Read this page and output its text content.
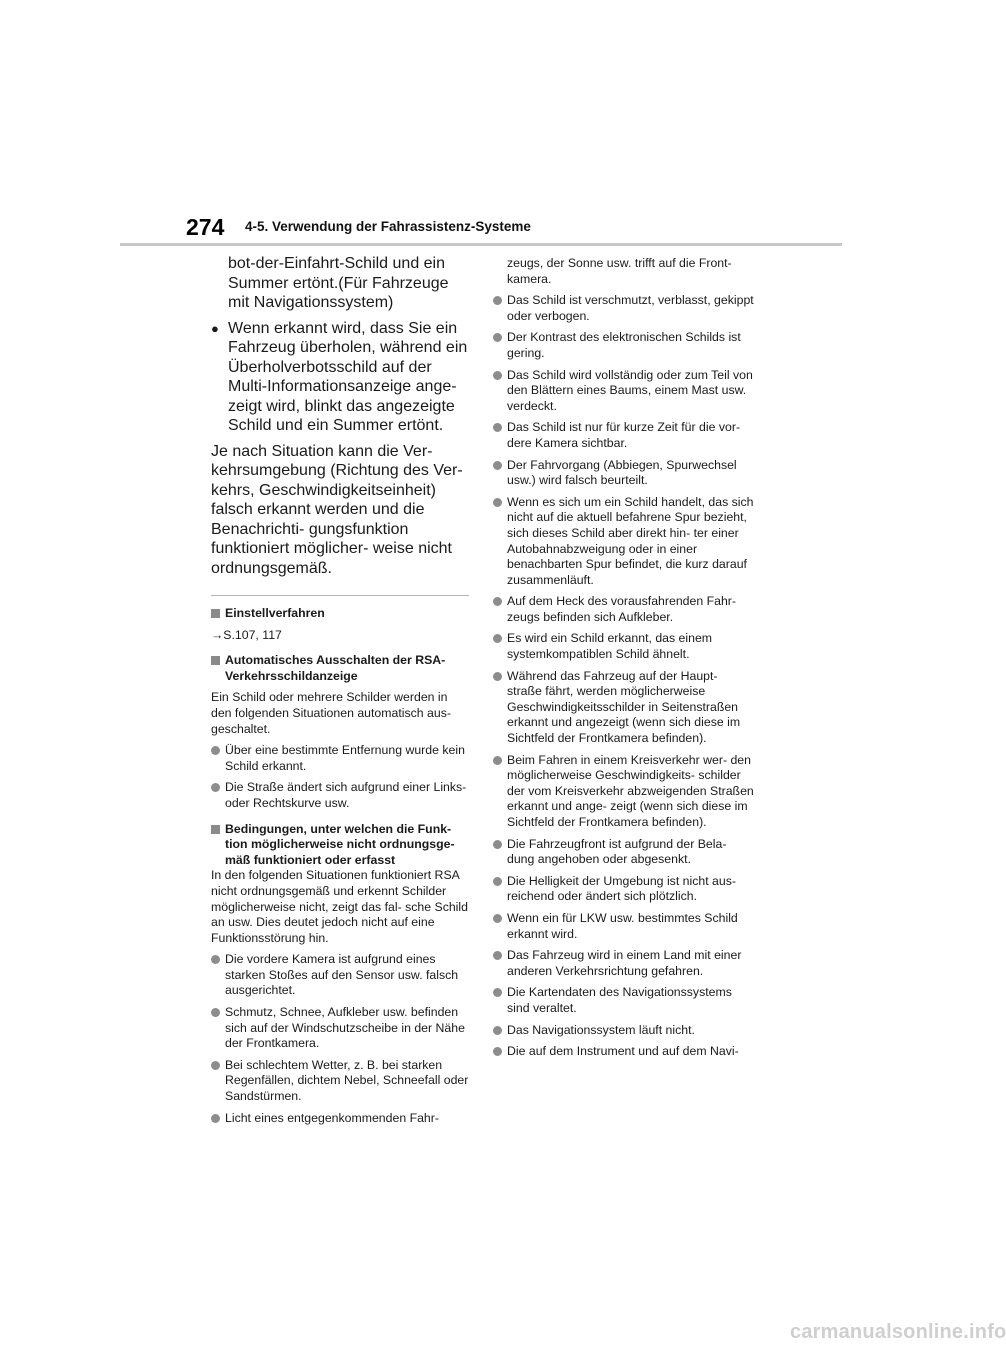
274 4-5. Verwendung der Fahrassistenz-Systeme

bot-der-Einfahrt-Schild und ein Summer ertönt.(Für Fahrzeuge mit Navigationssystem)

● Wenn erkannt wird, dass Sie ein Fahrzeug überholen, während ein Überholverbotsschild auf der Multi-Informationsanzeige ange- zeigt wird, blinkt das angezeigte Schild und ein Summer ertönt.

Je nach Situation kann die Ver- kehrsumgebung (Richtung des Ver- kehrs, Geschwindigkeitseinheit) falsch erkannt werden und die Benachrichti- gungsfunktion funktioniert möglicher- weise nicht ordnungsgemäß.

Einstellverfahren
→S.107, 117
Automatisches Ausschalten der RSA-Verkehrsschildanzeige

Ein Schild oder mehrere Schilder werden in den folgenden Situationen automatisch aus- geschaltet.

Über eine bestimmte Entfernung wurde kein Schild erkannt.
Die Straße ändert sich aufgrund einer Links- oder Rechtskurve usw.
Bedingungen, unter welchen die Funk- tion möglicherweise nicht ordnungsge- mäß funktioniert oder erfasst

In den folgenden Situationen funktioniert RSA nicht ordnungsgemäß und erkennt Schilder möglicherweise nicht, zeigt das fal- sche Schild an usw. Dies deutet jedoch nicht auf eine Funktionsstörung hin.

Die vordere Kamera ist aufgrund eines starken Stoßes auf den Sensor usw. falsch ausgerichtet.
Schmutz, Schnee, Aufkleber usw. befinden sich auf der Windschutzscheibe in der Nähe der Frontkamera.
Bei schlechtem Wetter, z. B. bei starken Regenfällen, dichtem Nebel, Schneefall oder Sandstürmen.
Licht eines entgegenkommenden Fahr-

zeugs, der Sonne usw. trifft auf die Front- kamera.

Das Schild ist verschmutzt, verblasst, gekippt oder verbogen.
Der Kontrast des elektronischen Schilds ist gering.
Das Schild wird vollständig oder zum Teil von den Blättern eines Baums, einem Mast usw. verdeckt.
Das Schild ist nur für kurze Zeit für die vor- dere Kamera sichtbar.
Der Fahrvorgang (Abbiegen, Spurwechsel usw.) wird falsch beurteilt.
Wenn es sich um ein Schild handelt, das sich nicht auf die aktuell befahrene Spur bezieht, sich dieses Schild aber direkt hin- ter einer Autobahnabzweigung oder in einer benachbarten Spur befindet, die kurz darauf zusammenläuft.
Auf dem Heck des vorausfahrenden Fahr- zeugs befinden sich Aufkleber.
Es wird ein Schild erkannt, das einem systemkompatiblen Schild ähnelt.
Während das Fahrzeug auf der Haupt- straße fährt, werden möglicherweise Geschwindigkeitsschilder in Seitenstraßen erkannt und angezeigt (wenn sich diese im Sichtfeld der Frontkamera befinden).
Beim Fahren in einem Kreisverkehr wer- den möglicherweise Geschwindigkeits- schilder der vom Kreisverkehr abzweigenden Straßen erkannt und ange- zeigt (wenn sich diese im Sichtfeld der Frontkamera befinden).
Die Fahrzeugfront ist aufgrund der Bela- dung angehoben oder abgesenkt.
Die Helligkeit der Umgebung ist nicht aus- reichend oder ändert sich plötzlich.
Wenn ein für LKW usw. bestimmtes Schild erkannt wird.
Das Fahrzeug wird in einem Land mit einer anderen Verkehrsrichtung gefahren.
Die Kartendaten des Navigationssystems sind veraltet.
Das Navigationssystem läuft nicht.
Die auf dem Instrument und auf dem Navi-
carmanualsonline.info
